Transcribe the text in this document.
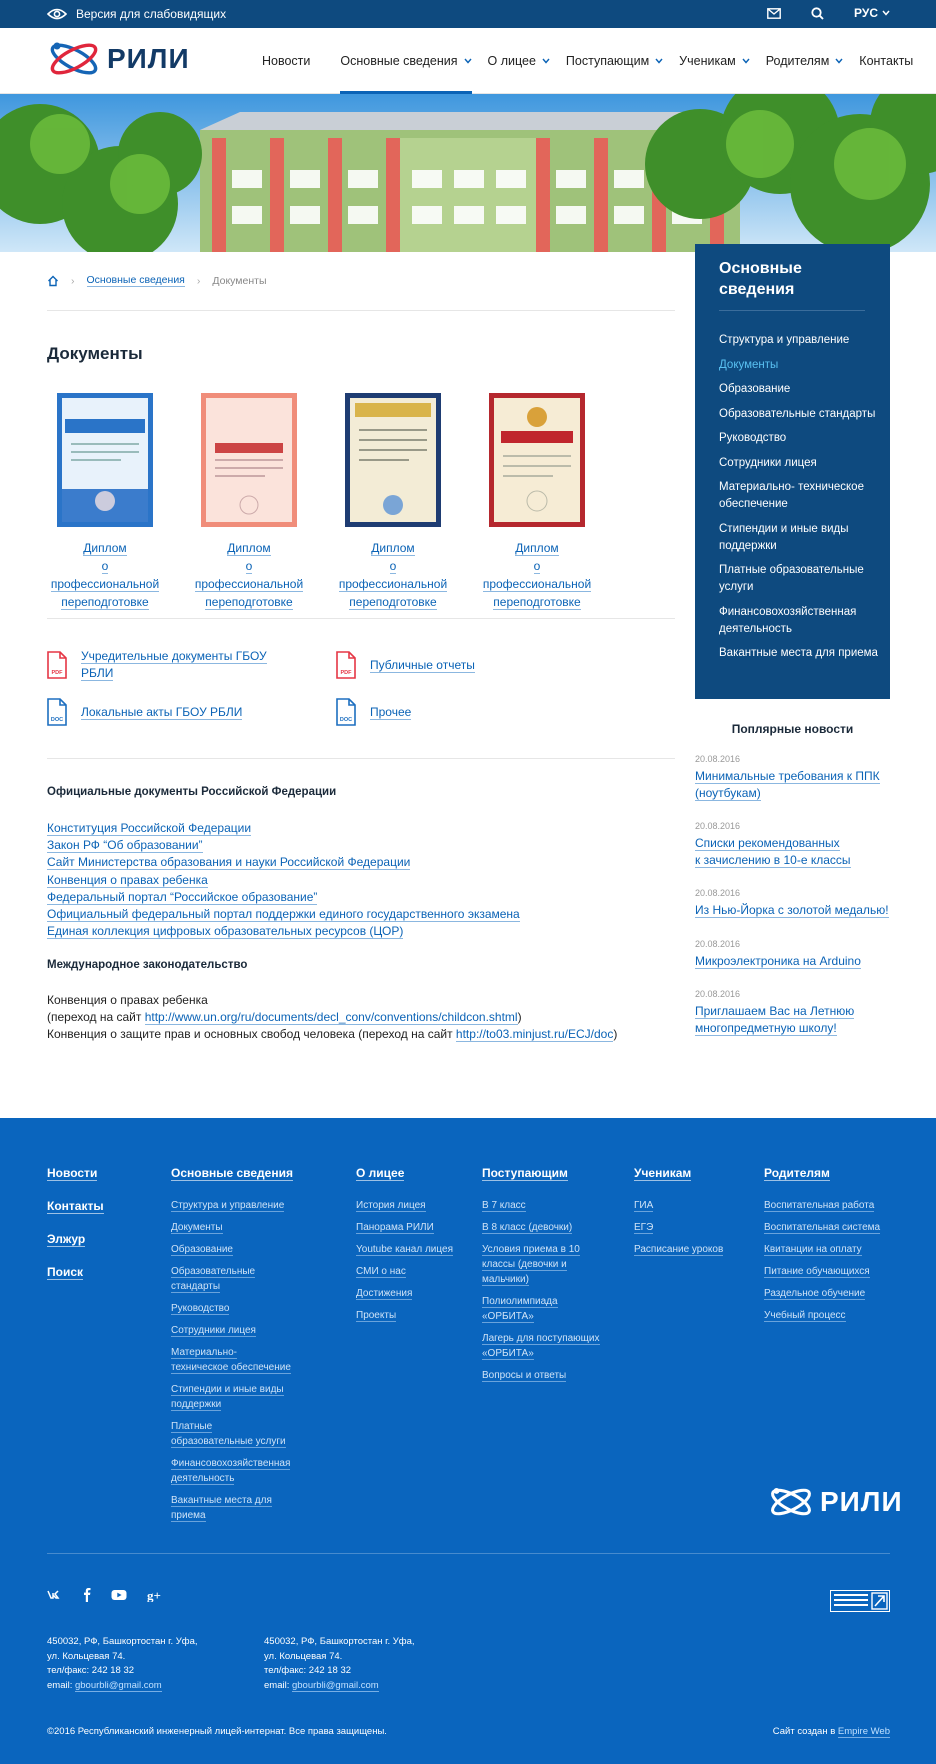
Версия для слабовидящих	РУС
РИЛИ	Новости Основные сведения О лицее Поступающим Ученикам Родителям Контакты
› Основные сведения › Документы
Документы
Диплом
о профессиональной
переподготовке
Диплом
о профессиональной
переподготовке
Диплом
о профессиональной
переподготовке
Диплом
о профессиональной
переподготовке
PDF
Учредительные документы ГБОУ
РБЛИ	PDF
Публичные отчеты
DOC
Локальные акты ГБОУ РБЛИ
DOC
Прочее
Официальные документы Российской Федерации
Конституция Российской Федерации
Закон РФ “Об образовании”
Сайт Министерства образования и науки Российской Федерации
Конвенция о правах ребенка
Федеральный портал “Российское образование”
Официальный федеральный портал поддержки единого государственного экзамена
Единая коллекция цифровых образовательных ресурсов (ЦОР)
Международное законодательство
Конвенция о правах ребенка
(переход на сайт http://www.un.org/ru/documents/decl_conv/conventions/childcon.shtml)
Конвенция о защите прав и основных свобод человека (переход на сайт http://to03.minjust.ru/ECJ/doc)
Основные сведения
Структура и управление
Документы
Образование
Образовательные стандарты
Руководство
Сотрудники лицея
Материально- техническое обеспечение
Стипендии и иные виды поддержки
Платные образовательные услуги
Финансовохозяйственная деятельность
Вакантные места для приема
Поплярные новости
20.08.2016
Минимальные требования к ППК
(ноутбукам)
20.08.2016
Списки рекомендованных
к зачислению в 10-е классы
20.08.2016
Из Нью-Йорка с золотой медалью!
20.08.2016
Микроэлектроника на Arduino
20.08.2016
Приглашаем Вас на Летнюю
многопредметную школу!
Новости
Контакты
Элжур
Поиск
Основные сведения
Структура и управление
Документы
Образование
Образовательные стандарты
Руководство
Сотрудники лицея
Материально- техническое обеспечение
Стипендии и иные виды поддержки
Платные образовательные услуги
Финансовохозяйственная деятельность
Вакантные места для приема
О лицее
История лицея
Панорама РИЛИ
Youtube канал лицея
СМИ о нас
Достижения
Проекты
Поступающим
В 7 класс
В 8 класс (девочки)
Условия приема в 10 классы (девочки и мальчики)
Полиолимпиада «ОРБИТА»
Лагерь для поступающих «ОРБИТА»
Вопросы и ответы
Ученикам
ГИА
ЕГЭ
Расписание уроков
Родителям
Воспитательная работа
Воспитательная система
Квитанции на оплату
Питание обучающихся
Раздельное обучение
Учебный процесс
РИЛИ
g+
450032, РФ, Башкортостан г. Уфа,
ул. Кольцевая 74.
тел/факс: 242 18 32
email: gbourbli@gmail.com
450032, РФ, Башкортостан г. Уфа,
ул. Кольцевая 74.
тел/факс: 242 18 32
email: gbourbli@gmail.com
©2016 Республиканский инженерный лицей-интернат. Все права защищены.	Сайт создан в Empire Web
